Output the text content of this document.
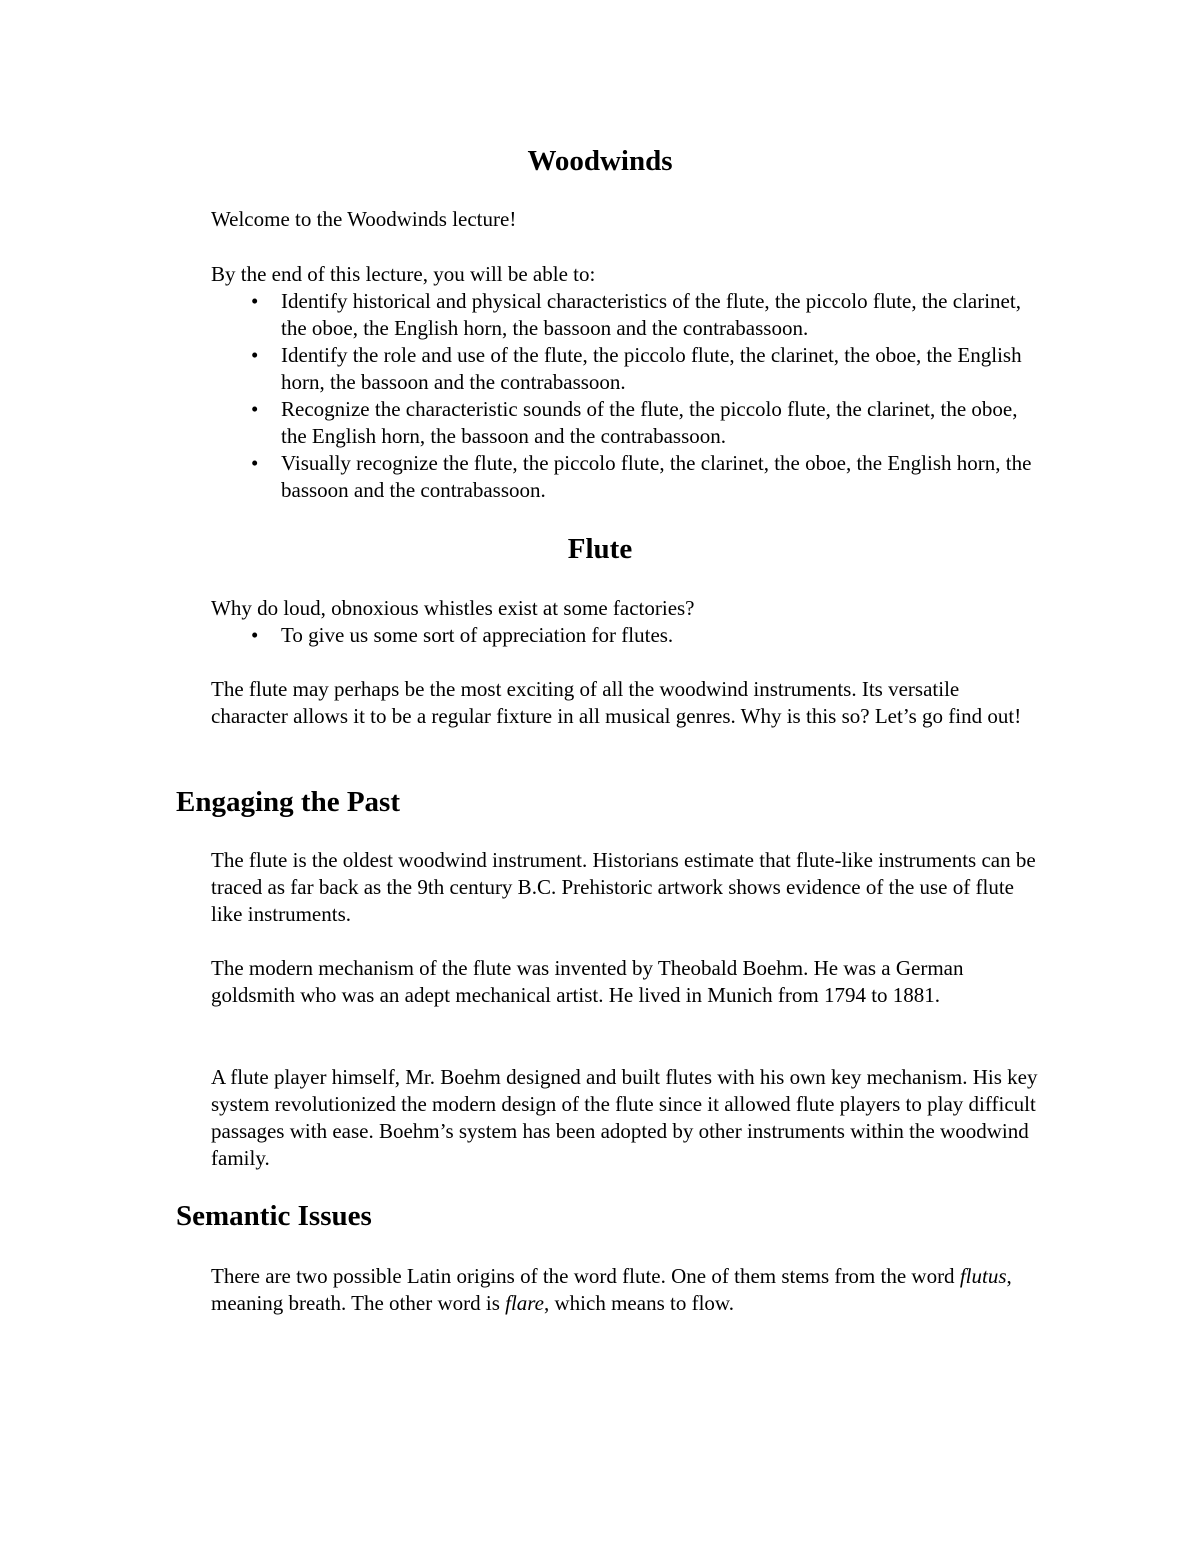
Woodwinds

Welcome to the Woodwinds lecture!

By the end of this lecture, you will be able to:

• Identify historical and physical characteristics of the flute, the piccolo flute, the clarinet, the oboe, the English horn, the bassoon and the contrabassoon.
• Identify the role and use of the flute, the piccolo flute, the clarinet, the oboe, the English horn, the bassoon and the contrabassoon.
• Recognize the characteristic sounds of the flute, the piccolo flute, the clarinet, the oboe, the English horn, the bassoon and the contrabassoon.
• Visually recognize the flute, the piccolo flute, the clarinet, the oboe, the English horn, the bassoon and the contrabassoon.
Flute

Why do loud, obnoxious whistles exist at some factories?

• To give us some sort of appreciation for flutes.

The flute may perhaps be the most exciting of all the woodwind instruments. Its versatile character allows it to be a regular fixture in all musical genres. Why is this so? Let’s go find out!

Engaging the Past

The flute is the oldest woodwind instrument. Historians estimate that flute-like instruments can be traced as far back as the 9th century B.C. Prehistoric artwork shows evidence of the use of flute like instruments.

The modern mechanism of the flute was invented by Theobald Boehm. He was a German goldsmith who was an adept mechanical artist. He lived in Munich from 1794 to 1881.

A flute player himself, Mr. Boehm designed and built flutes with his own key mechanism. His key system revolutionized the modern design of the flute since it allowed flute players to play difficult passages with ease. Boehm’s system has been adopted by other instruments within the woodwind family.

Semantic Issues

There are two possible Latin origins of the word flute. One of them stems from the word flutus, meaning breath. The other word is flare, which means to flow.
